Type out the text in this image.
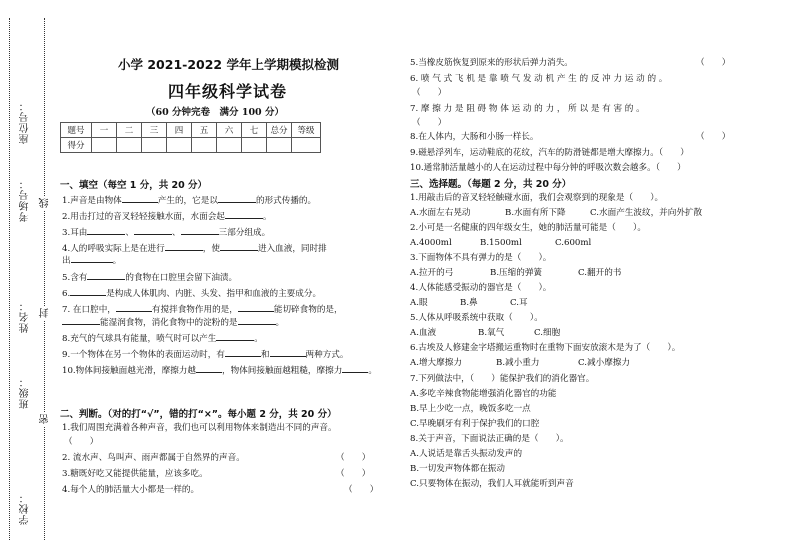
学校：
班级：
姓名：
考场号：
座位号：
密
封
线
小学 2021-2022 学年上学期模拟检测
四年级科学试卷
（60 分钟完卷　满分 100 分）
题号	一	二	三	四	五	六	七	总分	等级
得分									
一、填空（每空 1 分，共 20 分）
1.声音是由物体	产生的，它是以	的形式传播的。
2.用击打过的音叉轻轻接触水面，水面会起	。
3.耳由	、	、	三部分组成。
4.人的呼吸实际上是在进行	，使	进入血液，同时排
出	。
5.含有	的食物在口腔里会留下油渍。
6.	是构成人体肌肉、内脏、头发、指甲和血液的主要成分。
7. 在口腔中，	有搅拌食物作用的是，	能切碎食物的是，
能湿润食物，消化食物中的淀粉的是	。
8.充气的气球具有能量，喷气时可以产生	。
9.一个物体在另一个物体的表面运动时，有	和	两种方式。
10.物体间接触面越光滑，摩擦力越	，物体间接触面越粗糙，摩擦力	。
二、判断。（对的打“√”，错的打“×”。每小题 2 分，共 20 分）
1.我们周围充满着各种声音，我们也可以利用物体来制造出不同的声音。
（　　）
2. 流水声、鸟叫声、雨声都属于自然界的声音。	（　　）
3.糖既好吃又能提供能量，应该多吃。	（　　）
4.每个人的肺活量大小都是一样的。	（　　）
5.当橡皮筋恢复到原来的形状后弹力消失。	（　　）
6. 喷 气 式 飞 机 是 靠 喷 气 发 动 机 产 生 的 反 冲 力 运 动 的 。
（　　）
7. 摩 擦 力 是 阻 碍 物 体 运 动 的 力 ， 所 以 是 有 害 的 。
（　　）
8.在人体内，大肠和小肠一样长。	（　　）
9.磁悬浮列车，运动鞋底的花纹，汽车的防滑链都是增大摩擦力。（　　）
10.通常肺活量越小的人在运动过程中每分钟的呼吸次数会越多。（　　）
三、选择题。（每题 2 分，共 20 分）
1.用敲击后的音叉轻轻触碰水面，我们会观察到的现象是（　　）。
A.水面左右晃动	B.水面有所下降	C.水面产生波纹，并向外扩散
2.小可是一名健康的四年级女生，她的肺活量可能是（　　）。
A.4000ml	B.1500ml	C.600ml
3.下面物体不具有弹力的是（　　）。
A.拉开的弓	B.压缩的弹簧	C.翻开的书
4.人体能感受振动的器官是（　　）。
A.眼	B.鼻	C.耳
5.人体从呼吸系统中获取（　　）。
A.血液	B.氧气	C.细胞
6.古埃及人修建金字塔搬运重物时在重物下面安放滚木是为了（　　）。
A.增大摩擦力	B.减小重力	C.减小摩擦力
7.下列做法中，（　　）能保护我们的消化器官。
A.多吃辛辣食物能增强消化器官的功能
B.早上少吃一点，晚饭多吃一点
C.早晚刷牙有利于保护我们的口腔
8.关于声音，下面说法正确的是（　　）。
A.人说话是靠舌头振动发声的
B.一切发声物体都在振动
C.只要物体在振动，我们人耳就能听到声音
